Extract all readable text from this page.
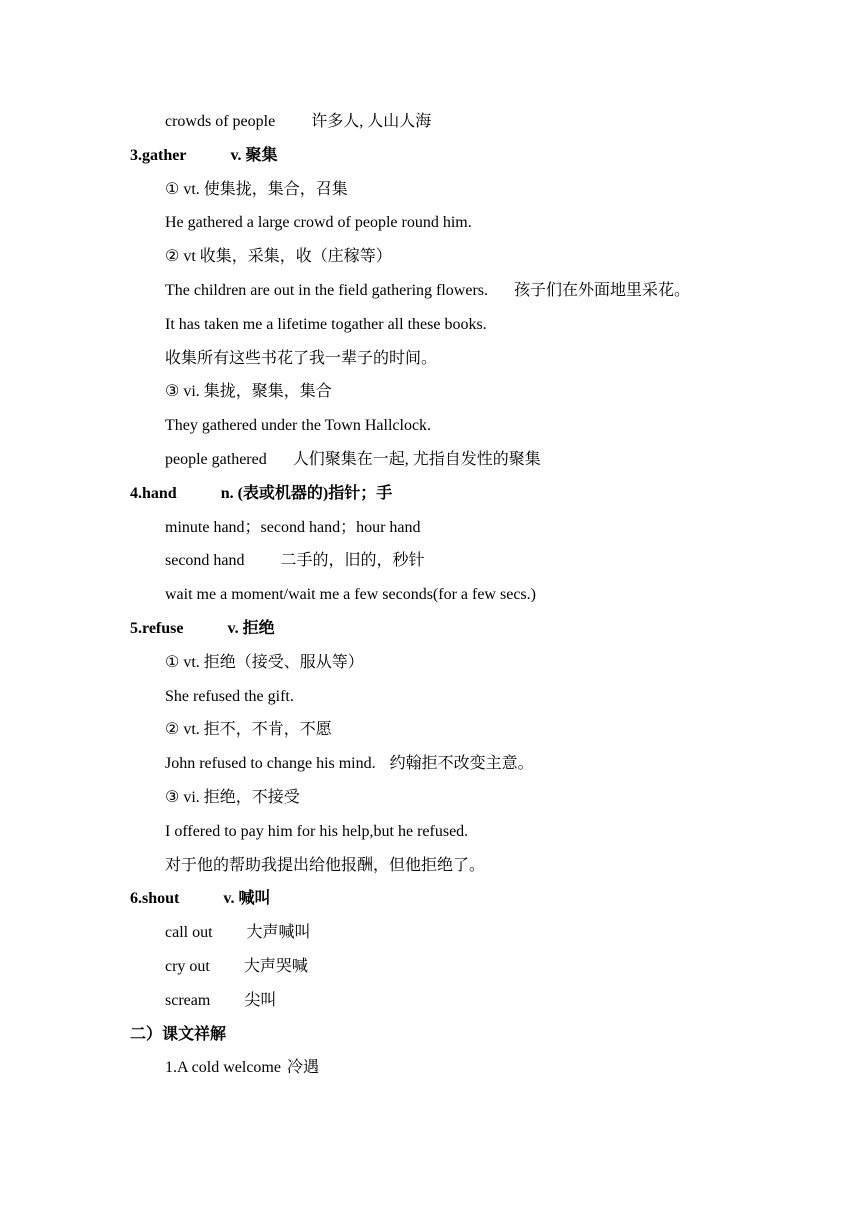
crowds of people 许多人, 人山人海
3.gather	v. 聚集
① vt. 使集拢，集合，召集
He gathered a large crowd of people round him.
② vt 收集，采集，收（庄稼等）
The children are out in the field gathering flowers. 孩子们在外面地里采花。
It has taken me a lifetime togather all these books.
收集所有这些书花了我一辈子的时间。
③ vi. 集拢，聚集，集合
They gathered under the Town Hallclock.
people gathered 人们聚集在一起, 尤指自发性的聚集
4.hand	n. (表或机器的)指针；手
minute hand；second hand；hour hand
second hand 二手的，旧的，秒针
wait me a moment/wait me a few seconds(for a few secs.)
5.refuse	v. 拒绝
① vt. 拒绝（接受、服从等）
She refused the gift.
② vt. 拒不，不肯，不愿
John refused to change his mind. 约翰拒不改变主意。
③ vi. 拒绝，不接受
I offered to pay him for his help,but he refused.
对于他的帮助我提出给他报酬，但他拒绝了。
6.shout	v. 喊叫
call out 大声喊叫
cry out 大声哭喊
scream 尖叫
二）课文祥解
1.A cold welcome 冷遇
